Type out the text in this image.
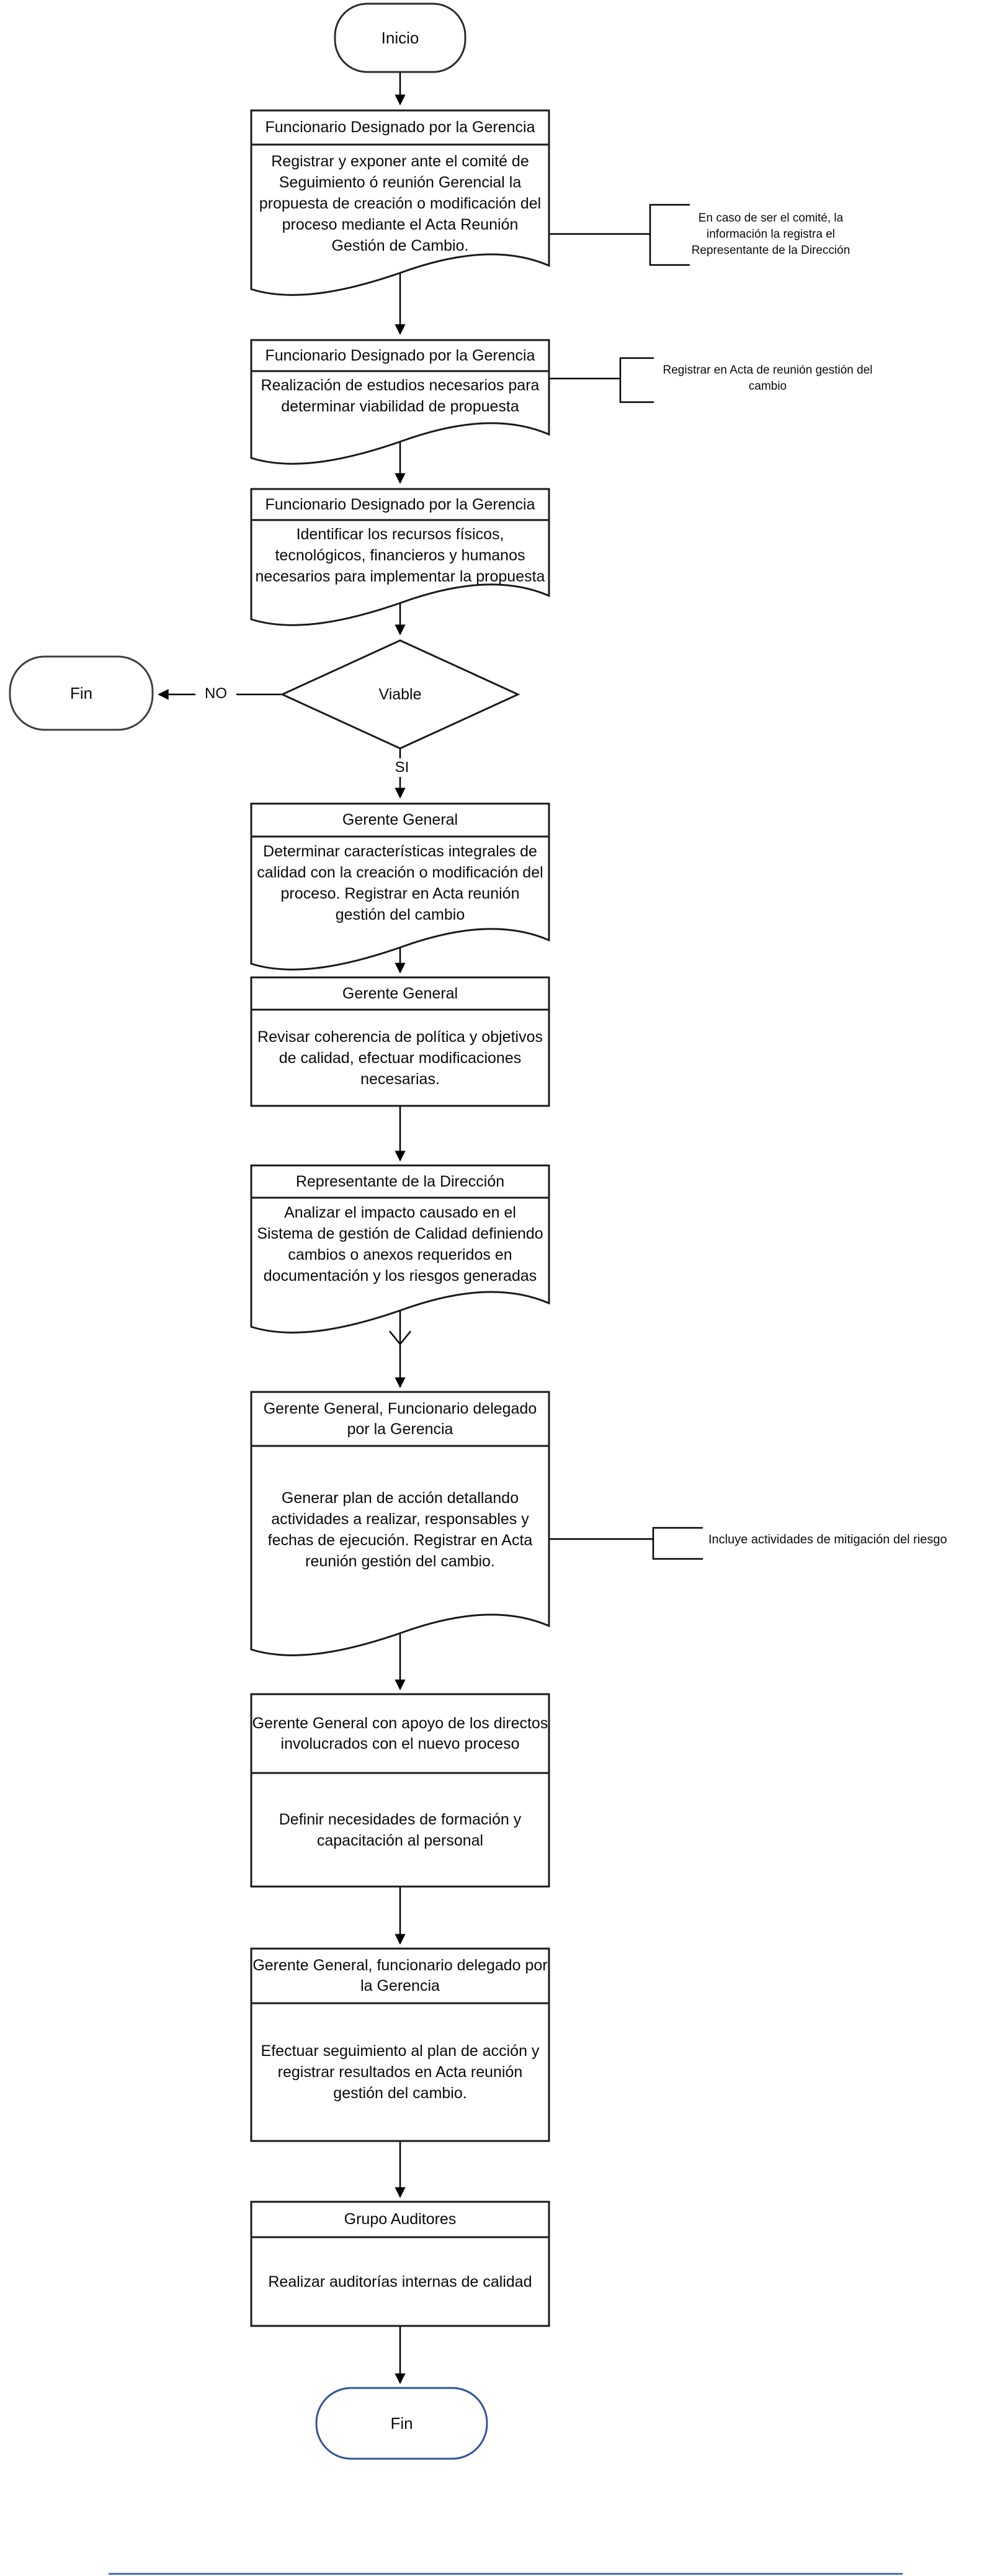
Inicio
Funcionario Designado por la Gerencia
Registrar y exponer ante el comité de Seguimiento ó reunión Gerencial la propuesta de creación o modificación del proceso mediante el Acta Reunión Gestión de Cambio.
En caso de ser el comité, la información la registra el Representante de la Dirección
Funcionario Designado por la Gerencia
Realización de estudios necesarios para determinar viabilidad de propuesta
Registrar en Acta de reunión gestión del cambio
Funcionario Designado por la Gerencia
Identificar los recursos físicos, tecnológicos, financieros y humanos necesarios para implementar la propuesta
Viable
NO
SI
Fin
Gerente General
Determinar características integrales de calidad con la creación o modificación del proceso. Registrar en Acta reunión gestión del cambio
Gerente General
Revisar coherencia de política y objetivos de calidad, efectuar modificaciones necesarias.
Representante de la Dirección
Analizar el impacto causado en el Sistema de gestión de Calidad definiendo cambios o anexos requeridos en documentación y los riesgos generadas
Gerente General, Funcionario delegado por la Gerencia
Generar plan de acción detallando actividades a realizar, responsables y fechas de ejecución. Registrar en Acta reunión gestión del cambio.
Incluye actividades de mitigación del riesgo
Gerente General con apoyo de los directos involucrados con el nuevo proceso
Definir necesidades de formación y capacitación al personal
Gerente General, funcionario delegado por la Gerencia
Efectuar seguimiento al plan de acción y registrar resultados en Acta reunión gestión del cambio.
Grupo Auditores
Realizar auditorías internas de calidad
Fin
